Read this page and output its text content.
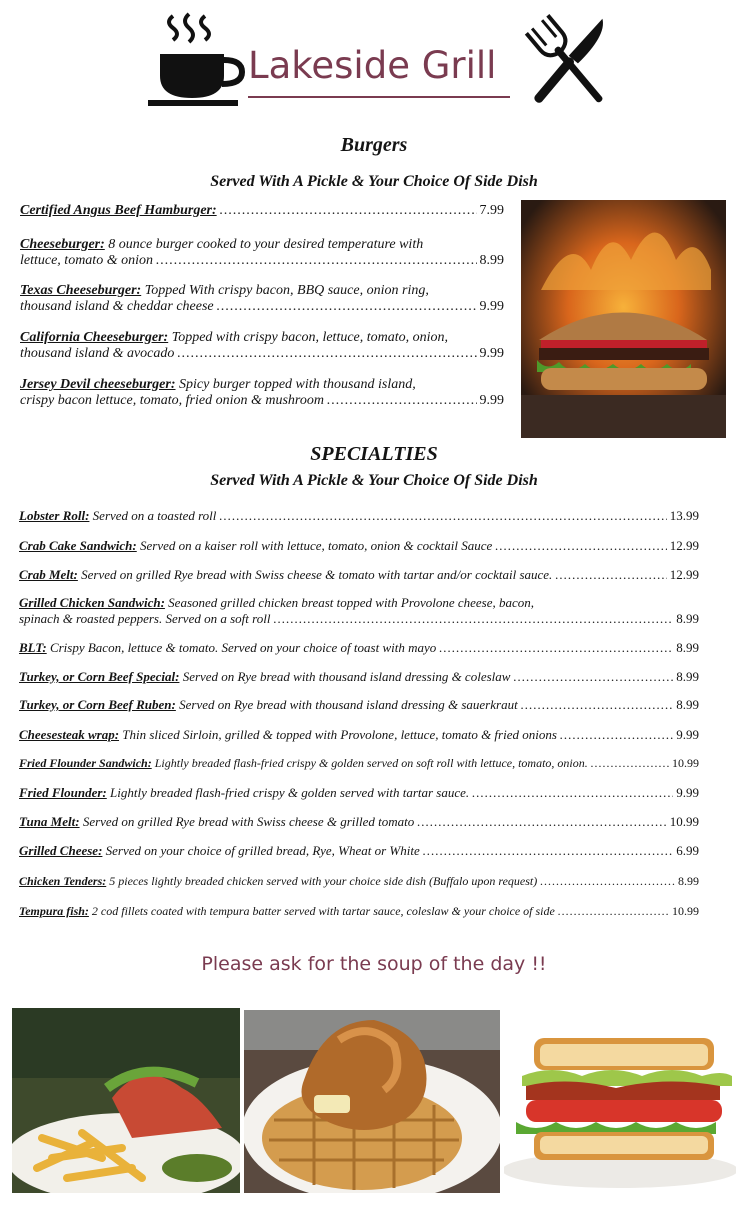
Lakeside Grill
Burgers
Served With A Pickle & Your Choice Of Side Dish
Certified Angus Beef Hamburger: .....	7.99
Cheeseburger:
8 ounce burger cooked to your desired temperature with
lettuce, tomato & onion .....	8.99
Texas Cheeseburger:
Topped With crispy bacon, BBQ sauce, onion ring,
thousand island & cheddar cheese .....	9.99
California Cheeseburger:
Topped with crispy bacon, lettuce, tomato, onion,
thousand island & avocado .....	9.99
Jersey Devil cheeseburger:
Spicy burger topped with thousand island,
crispy bacon lettuce, tomato, fried onion & mushroom .....	9.99
SPECIALTIES
Served With A Pickle & Your Choice Of Side Dish
Lobster Roll:
Served on a toasted roll .....	13.99
Crab Cake Sandwich:
Served on a kaiser roll with lettuce, tomato, onion & cocktail Sauce .....	12.99
Crab Melt:
Served on grilled Rye bread with Swiss cheese & tomato with tartar and/or cocktail sauce. .....	12.99
Grilled Chicken Sandwich:
Seasoned grilled chicken breast topped with Provolone cheese, bacon,
spinach & roasted peppers. Served on a soft roll .....	8.99
BLT:
Crispy Bacon, lettuce & tomato. Served on your choice of toast with mayo .....	8.99
Turkey, or Corn Beef Special:
Served on Rye bread with thousand island dressing & coleslaw .....	8.99
Turkey, or Corn Beef Ruben:
Served on Rye bread with thousand island dressing & sauerkraut .....	8.99
Cheesesteak wrap:
Thin sliced Sirloin, grilled & topped with Provolone, lettuce, tomato & fried onions .....	9.99
Fried Flounder Sandwich:
Lightly breaded flash-fried crispy & golden served on soft roll with lettuce, tomato, onion. .....	10.99
Fried Flounder:
Lightly breaded flash-fried crispy & golden served with tartar sauce. .....	9.99
Tuna Melt:
Served on grilled Rye bread with Swiss cheese & grilled tomato .....	10.99
Grilled Cheese:
Served on your choice of grilled bread, Rye, Wheat or White .....	6.99
Chicken Tenders:
5 pieces lightly breaded chicken served with your choice side dish (Buffalo upon request) .....	8.99
Tempura fish:
2 cod fillets coated with tempura batter served with tartar sauce, coleslaw & your choice of side .....	10.99
Please ask for the soup of the day !!
